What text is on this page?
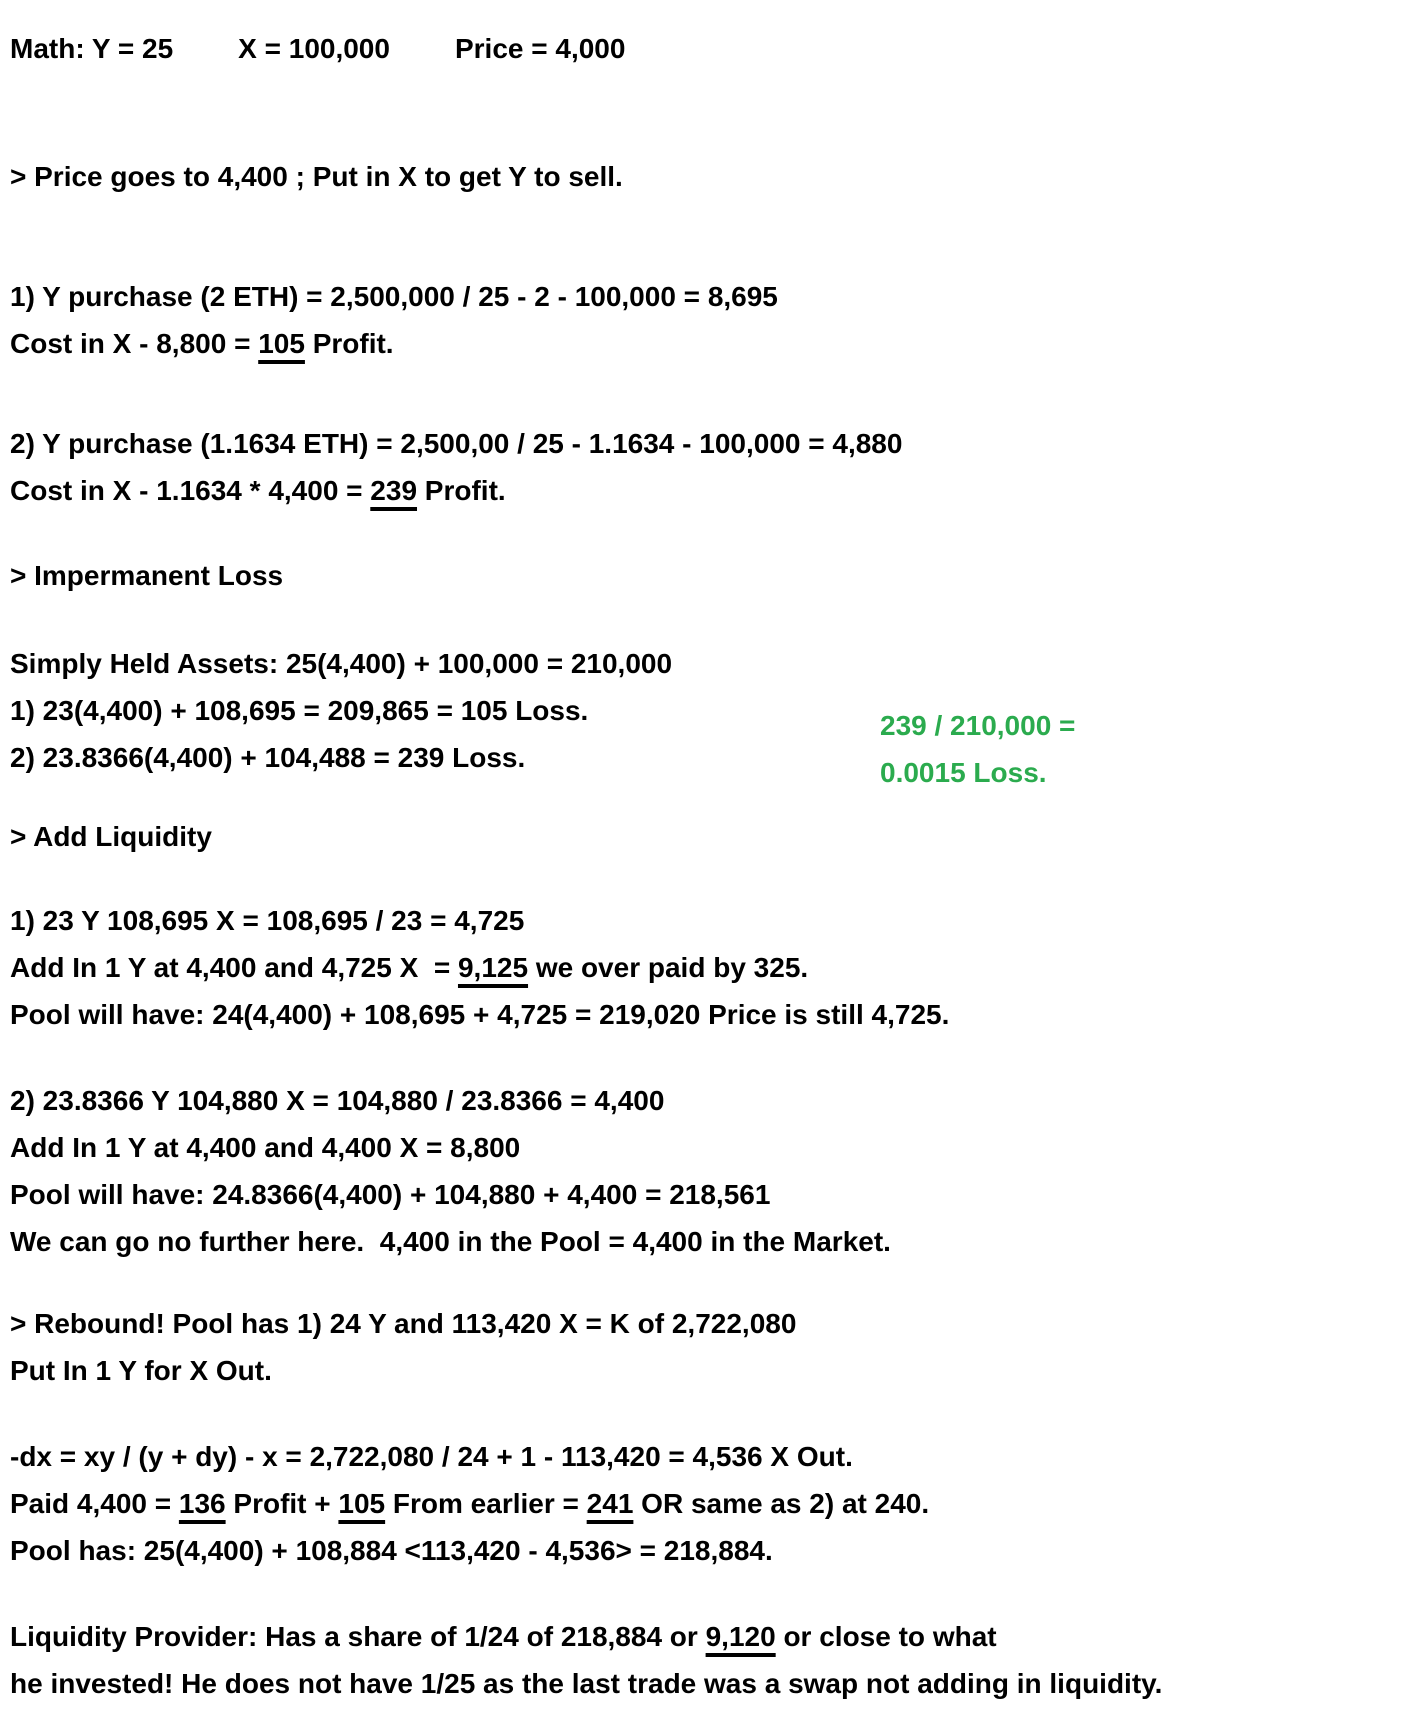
Math: Y = 25 X = 100,000 Price = 4,000
> Price goes to 4,400 ; Put in X to get Y to sell.
1) Y purchase (2 ETH) = 2,500,000 / 25 - 2 - 100,000 = 8,695
Cost in X - 8,800 = 105 Profit.
2) Y purchase (1.1634 ETH) = 2,500,00 / 25 - 1.1634 - 100,000 = 4,880
Cost in X - 1.1634 * 4,400 = 239 Profit.
> Impermanent Loss
Simply Held Assets: 25(4,400) + 100,000 = 210,000
1) 23(4,400) + 108,695 = 209,865 = 105 Loss.
2) 23.8366(4,400) + 104,488 = 239 Loss.
> Add Liquidity
1) 23 Y 108,695 X = 108,695 / 23 = 4,725
Add In 1 Y at 4,400 and 4,725 X  = 9,125 we over paid by 325.
Pool will have: 24(4,400) + 108,695 + 4,725 = 219,020 Price is still 4,725.
2) 23.8366 Y 104,880 X = 104,880 / 23.8366 = 4,400
Add In 1 Y at 4,400 and 4,400 X = 8,800
Pool will have: 24.8366(4,400) + 104,880 + 4,400 = 218,561
We can go no further here.  4,400 in the Pool = 4,400 in the Market.
> Rebound! Pool has 1) 24 Y and 113,420 X = K of 2,722,080
Put In 1 Y for X Out.
-dx = xy / (y + dy) - x = 2,722,080 / 24 + 1 - 113,420 = 4,536 X Out.
Paid 4,400 = 136 Profit + 105 From earlier = 241 OR same as 2) at 240.
Pool has: 25(4,400) + 108,884 <113,420 - 4,536> = 218,884.
Liquidity Provider: Has a share of 1/24 of 218,884 or 9,120 or close to what
he invested! He does not have 1/25 as the last trade was a swap not adding in liquidity.
239 / 210,000 =
0.0015 Loss.
